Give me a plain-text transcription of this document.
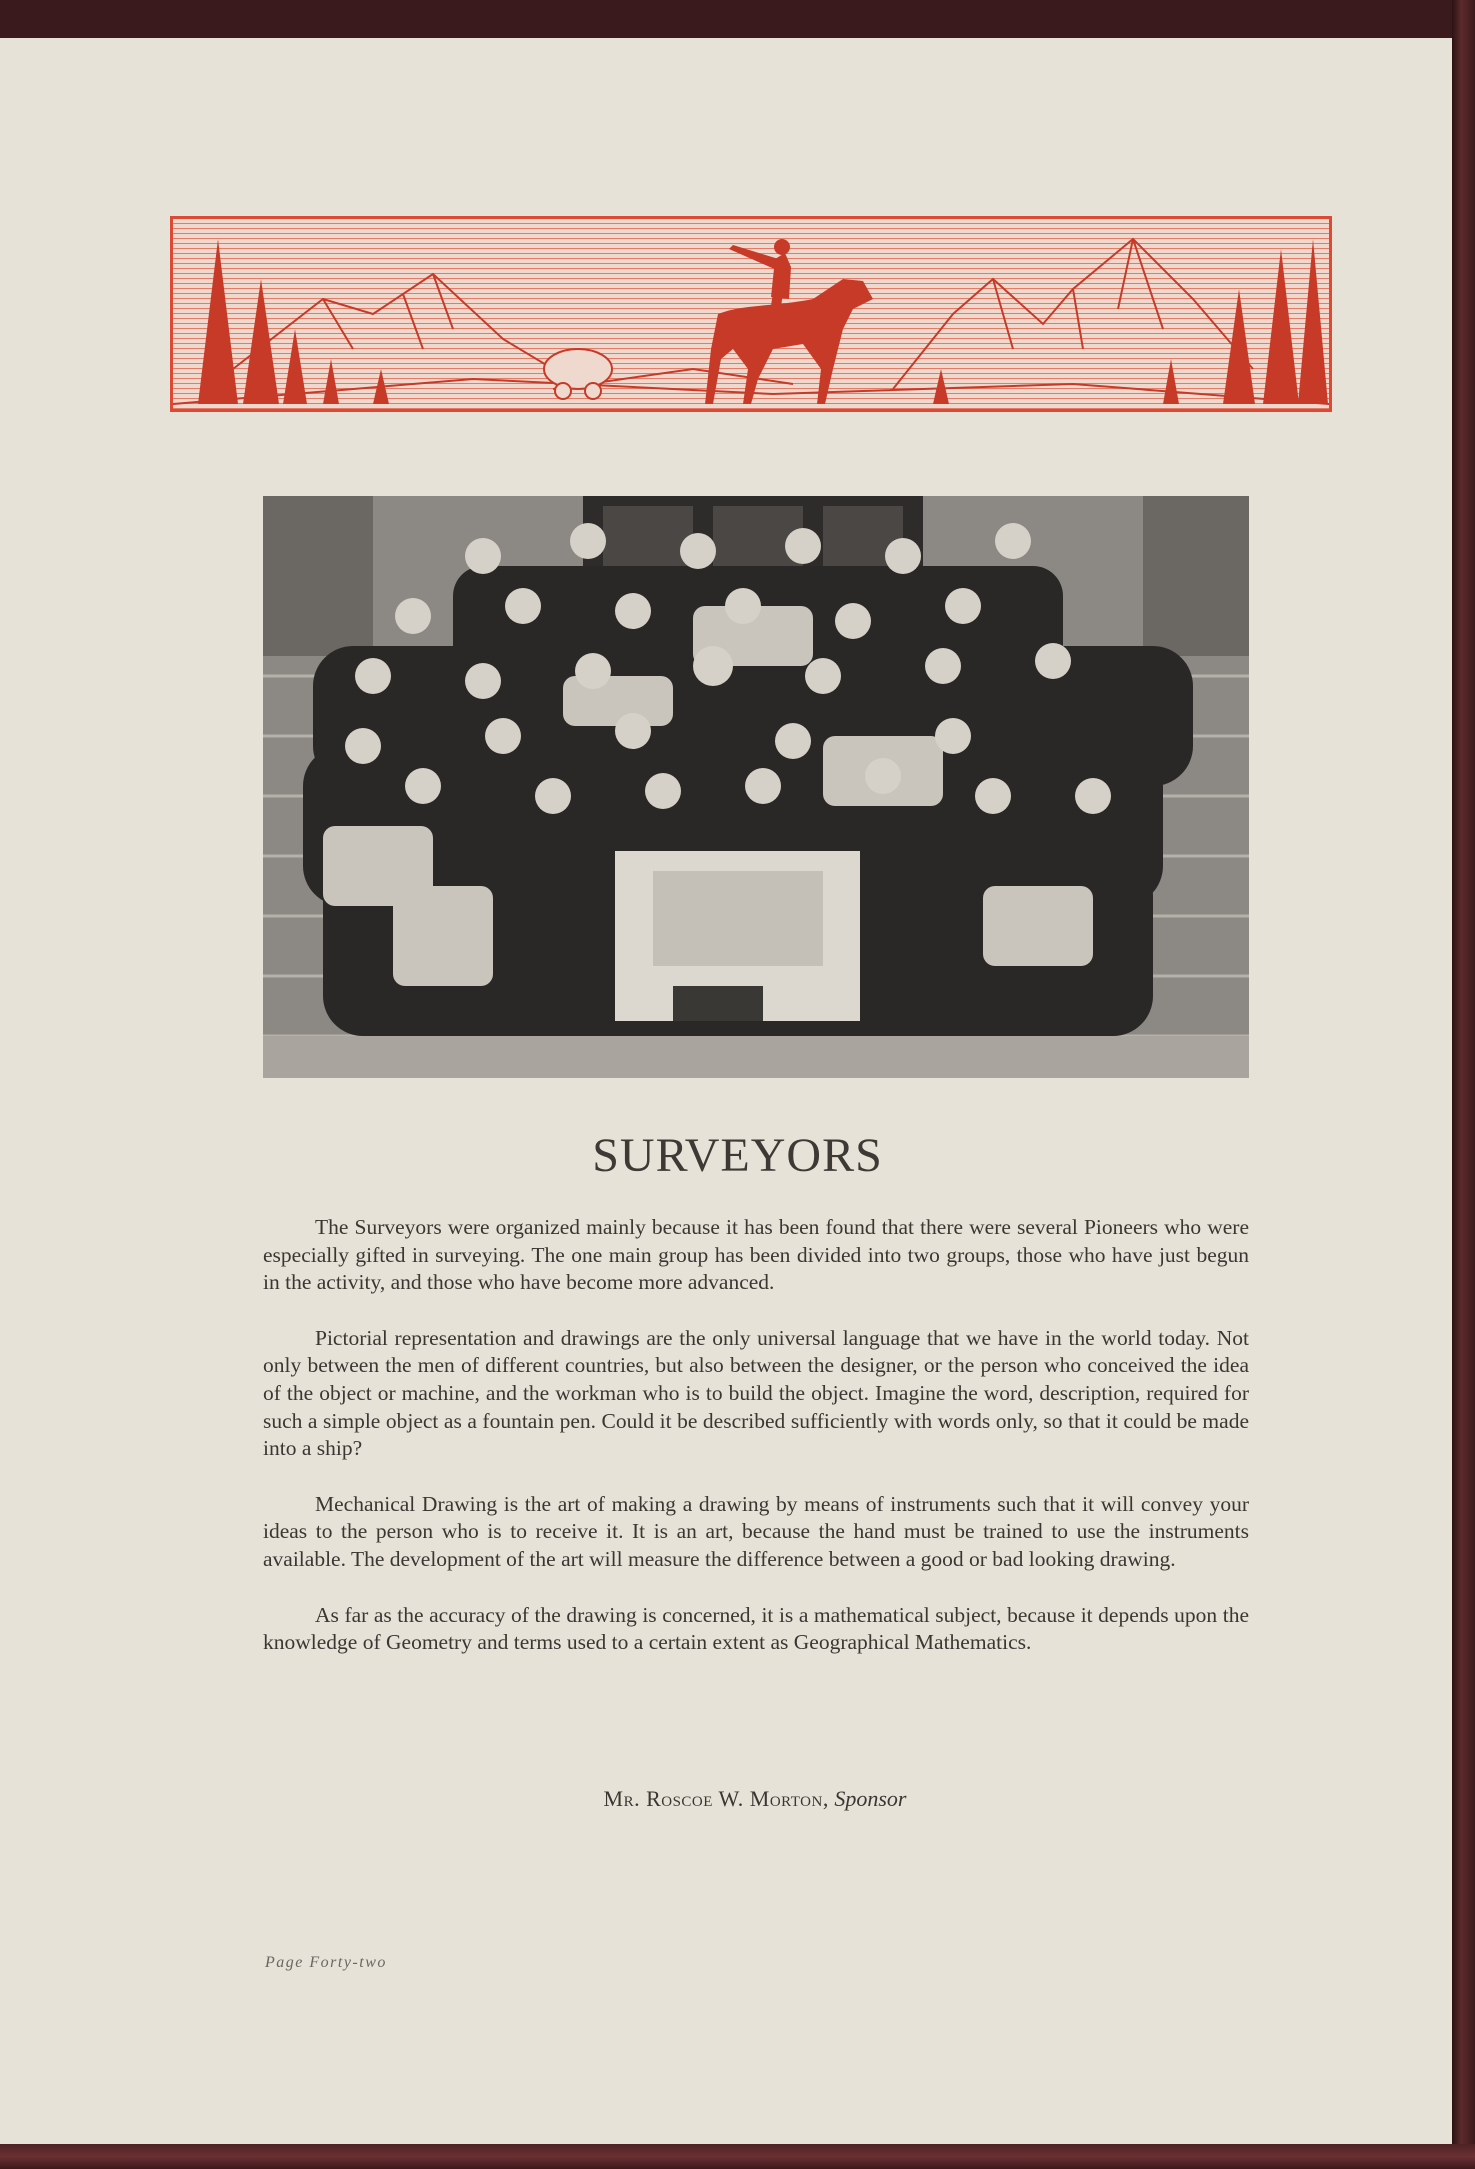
SURVEYORS

The Surveyors were organized mainly because it has been found that there were several Pioneers who were especially gifted in surveying. The one main group has been divided into two groups, those who have just begun in the activity, and those who have become more advanced.

Pictorial representation and drawings are the only universal language that we have in the world today. Not only between the men of different countries, but also between the designer, or the person who conceived the idea of the object or machine, and the workman who is to build the object. Imagine the word, description, required for such a simple object as a fountain pen. Could it be described sufficiently with words only, so that it could be made into a ship?

Mechanical Drawing is the art of making a drawing by means of instruments such that it will convey your ideas to the person who is to receive it. It is an art, because the hand must be trained to use the instruments available. The development of the art will measure the difference between a good or bad looking drawing.

As far as the accuracy of the drawing is concerned, it is a mathematical subject, because it depends upon the knowledge of Geometry and terms used to a certain extent as Geographical Mathematics.

Mr. Roscoe W. Morton, Sponsor
Page Forty-two
